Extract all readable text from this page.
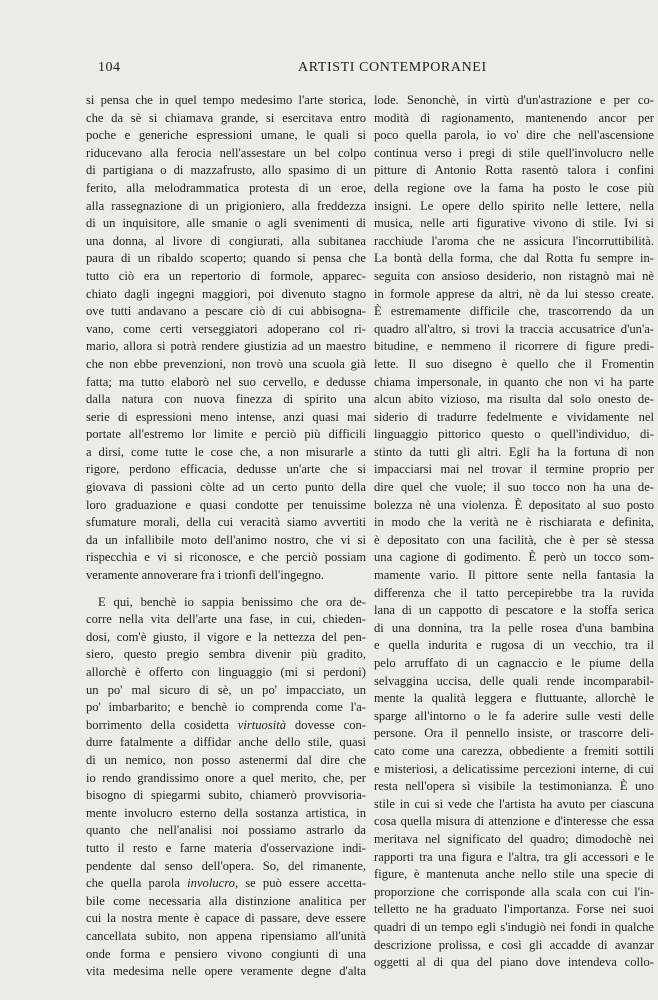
104	ARTISTI CONTEMPORANEI
si pensa che in quel tempo medesimo l'arte storica,
che da sè si chiamava grande, si esercitava entro
poche e generiche espressioni umane, le quali si
riducevano alla ferocia nell'assestare un bel colpo
di partigiana o di mazzafrusto, allo spasimo di un
ferito, alla melodrammatica protesta di un eroe,
alla rassegnazione di un prigioniero, alla freddezza
di un inquisitore, alle smanie o agli svenimenti di
una donna, al livore di congiurati, alla subitanea
paura di un ribaldo scoperto; quando si pensa che
tutto ciò era un repertorio di formole, apparec-
chiato dagli ingegni maggiori, poi divenuto stagno
ove tutti andavano a pescare ciò di cui abbisogna-
vano, come certi verseggiatori adoperano col ri-
mario, allora si potrà rendere giustizia ad un maestro
che non ebbe prevenzioni, non trovò una scuola già
fatta; ma tutto elaborò nel suo cervello, e dedusse
dalla natura con nuova finezza di spirito una
serie di espressioni meno intense, anzi quasi mai
portate all'estremo lor limite e perciò più difficili
a dirsi, come tutte le cose che, a non misurarle a
rigore, perdono efficacia, dedusse un'arte che si
giovava di passioni còlte ad un certo punto della
loro graduazione e quasi condotte per tenuissime
sfumature morali, della cui veracità siamo avvertiti
da un infallibile moto dell'animo nostro, che vi si
rispecchia e vi si riconosce, e che perciò possiam
veramente annoverare fra i trionfi dell'ingegno.
E qui, benchè io sappia benissimo che ora de-
corre nella vita dell'arte una fase, in cui, chieden-
dosi, com'è giusto, il vigore e la nettezza del pen-
siero, questo pregio sembra divenir più gradito,
allorchè è offerto con linguaggio (mi si perdoni)
un po' mal sicuro di sè, un po' impacciato, un
po' imbarbarito; e benchè io comprenda come l'a-
borrimento della cosidetta virtuosità dovesse con-
durre fatalmente a diffidar anche dello stile, quasi
di un nemico, non posso astenermi dal dire che
io rendo grandissimo onore a quel merito, che, per
bisogno di spiegarmi subito, chiamerò provvisoria-
mente involucro esterno della sostanza artistica, in
quanto che nell'analisi noi possiamo astrarlo da
tutto il resto e farne materia d'osservazione indi-
pendente dal senso dell'opera. So, del rimanente,
che quella parola involucro, se può essere accetta-
bile come necessaria alla distinzione analitica per
cui la nostra mente è capace di passare, deve essere
cancellata subito, non appena ripensiamo all'unità
onde forma e pensiero vivono congiunti di una
vita medesima nelle opere veramente degne d'alta
lode. Senonchè, in virtù d'un'astrazione e per co-
modità di ragionamento, mantenendo ancor per
poco quella parola, io vo' dire che nell'ascensione
continua verso i pregi di stile quell'involucro nelle
pitture di Antonio Rotta rasentò talora i confini
della regione ove la fama ha posto le cose più
insigni. Le opere dello spirito nelle lettere, nella
musica, nelle arti figurative vivono di stile. Ivi si
racchiude l'aroma che ne assicura l'incorruttibilità.
La bontà della forma, che dal Rotta fu sempre in-
seguita con ansioso desiderio, non ristagnò mai nè
in formole apprese da altri, nè da lui stesso create.
È estremamente difficile che, trascorrendo da un
quadro all'altro, si trovi la traccia accusatrice d'un'a-
bitudine, e nemmeno il ricorrere di figure predi-
lette. Il suo disegno è quello che il Fromentin
chiama impersonale, in quanto che non vi ha parte
alcun abito vizioso, ma risulta dal solo onesto de-
siderio di tradurre fedelmente e vividamente nel
linguaggio pittorico questo o quell'individuo, di-
stinto da tutti gli altri. Egli ha la fortuna di non
impacciarsi mai nel trovar il termine proprio per
dire quel che vuole; il suo tocco non ha una de-
bolezza nè una violenza. È depositato al suo posto
in modo che la verità ne è rischiarata e definita,
è depositato con una facilità, che è per sè stessa
una cagione di godimento. È però un tocco som-
mamente vario. Il pittore sente nella fantasia la
differenza che il tatto percepirebbe tra la ruvida
lana di un cappotto di pescatore e la stoffa serica
di una donnina, tra la pelle rosea d'una bambina
e quella indurita e rugosa di un vecchio, tra il
pelo arruffato di un cagnaccio e le piume della
selvaggina uccisa, delle quali rende incomparabil-
mente la qualità leggera e fluttuante, allorchè le
sparge all'intorno o le fa aderire sulle vesti delle
persone. Ora il pennello insiste, or trascorre deli-
cato come una carezza, obbediente a fremiti sottili
e misteriosi, a delicatissime percezioni interne, di cui
resta nell'opera sì visibile la testimonianza. È uno
stile in cui si vede che l'artista ha avuto per ciascuna
cosa quella misura di attenzione e d'interesse che essa
meritava nel significato del quadro; dimodochè nei
rapporti tra una figura e l'altra, tra gli accessori e le
figure, è mantenuta anche nello stile una specie di
proporzione che corrisponde alla scala con cui l'in-
telletto ne ha graduato l'importanza. Forse nei suoi
quadri di un tempo egli s'indugiò nei fondi in qualche
descrizione prolissa, e così gli accadde di avanzar
oggetti al di qua del piano dove intendeva collo-
